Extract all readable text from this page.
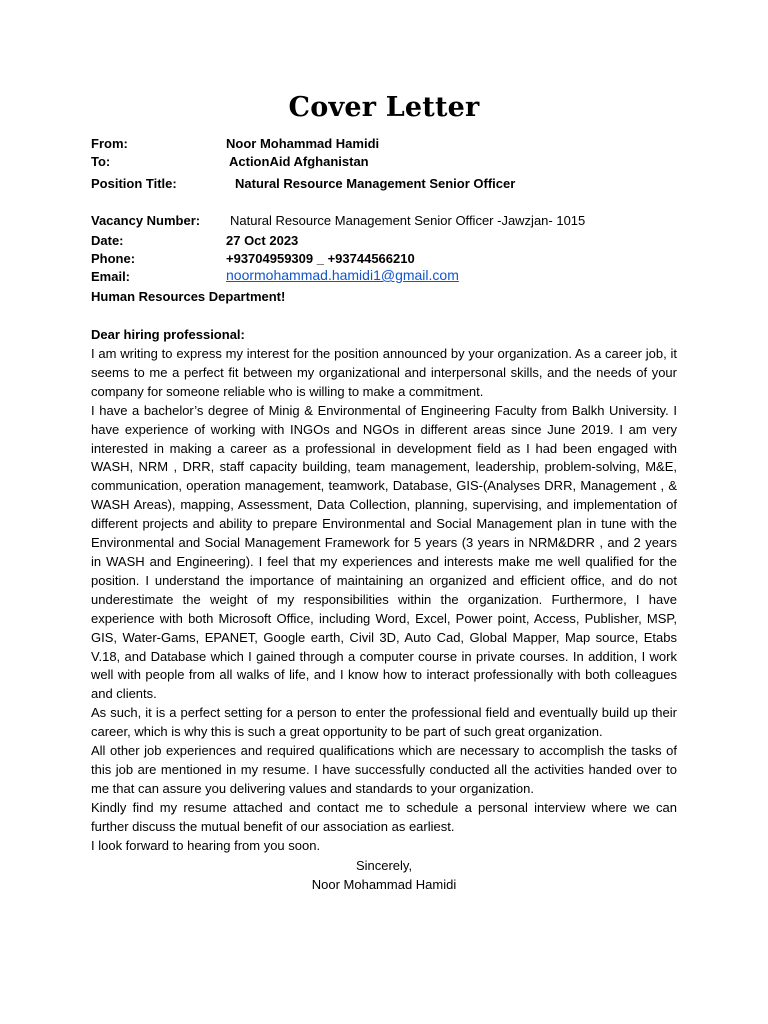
Cover Letter
From:	Noor Mohammad Hamidi
To:	ActionAid Afghanistan
Position Title:	Natural Resource Management Senior Officer
Vacancy Number: Natural Resource Management Senior Officer -Jawzjan- 1015
Date:	27 Oct 2023
Phone:	+93704959309 _ +93744566210
Email:	noormohammad.hamidi1@gmail.com
Human Resources Department!
Dear hiring professional:

I am writing to express my interest for the position announced by your organization. As a career job, it seems to me a perfect fit between my organizational and interpersonal skills, and the needs of your company for someone reliable who is willing to make a commitment.

I have a bachelor’s degree of Minig & Environmental of Engineering Faculty from Balkh University. I have experience of working with INGOs and NGOs in different areas since June 2019. I am very interested in making a career as a professional in development field as I had been engaged with WASH, NRM , DRR, staff capacity building, team management, leadership, problem-solving, M&E, communication, operation management, teamwork, Database, GIS-(Analyses DRR, Management , & WASH Areas), mapping, Assessment, Data Collection, planning, supervising, and implementation of different projects and ability to prepare Environmental and Social Management plan in tune with the Environmental and Social Management Framework for 5 years (3 years in NRM&DRR , and 2 years in WASH and Engineering). I feel that my experiences and interests make me well qualified for the position. I understand the importance of maintaining an organized and efficient office, and do not underestimate the weight of my responsibilities within the organization. Furthermore, I have experience with both Microsoft Office, including Word, Excel, Power point, Access, Publisher, MSP, GIS, Water-Gams, EPANET, Google earth, Civil 3D, Auto Cad, Global Mapper, Map source, Etabs V.18, and Database which I gained through a computer course in private courses. In addition, I work well with people from all walks of life, and I know how to interact professionally with both colleagues and clients.

As such, it is a perfect setting for a person to enter the professional field and eventually build up their career, which is why this is such a great opportunity to be part of such great organization.

All other job experiences and required qualifications which are necessary to accomplish the tasks of this job are mentioned in my resume. I have successfully conducted all the activities handed over to me that can assure you delivering values and standards to your organization.

Kindly find my resume attached and contact me to schedule a personal interview where we can further discuss the mutual benefit of our association as earliest.

I look forward to hearing from you soon.

Sincerely,
Noor Mohammad Hamidi
